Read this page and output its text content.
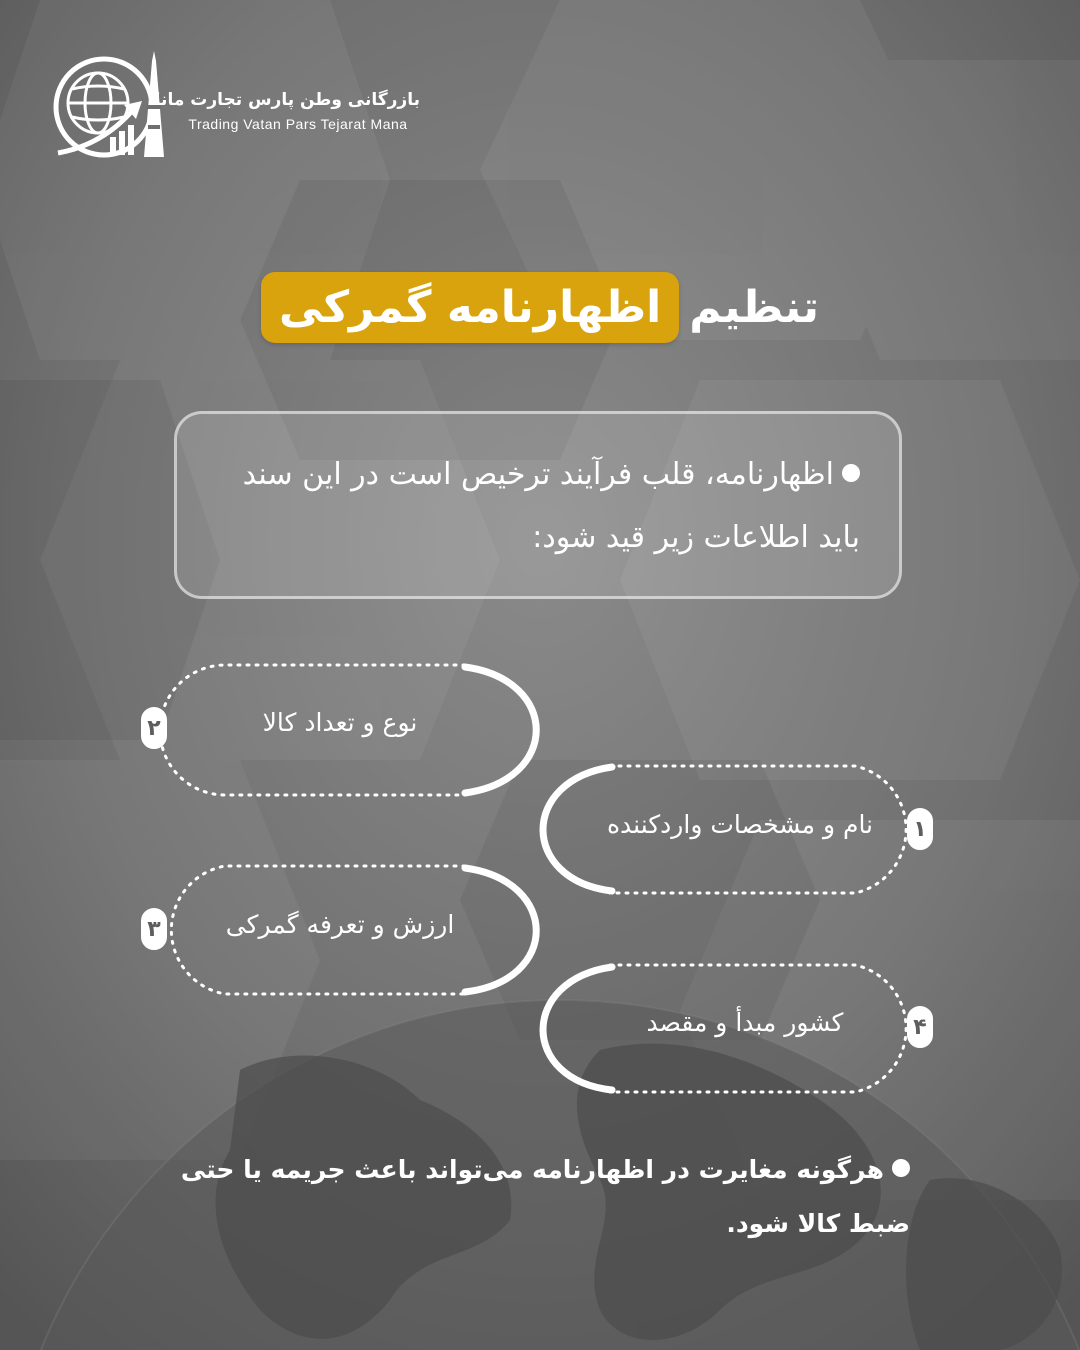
بازرگانی وطن پارس تجارت مانا
Trading Vatan Pars Tejarat Mana
تنظیم
اظهارنامه گمرکی
اظهارنامه، قلب فرآیند ترخیص است در این سند باید اطلاعات زیر قید شود:
نوع و تعداد کالا
۲
نام و مشخصات واردکننده	۱
ارزش و تعرفه گمرکی
۳
کشور مبدأ و مقصد	۴
هرگونه مغایرت در اظهارنامه می‌تواند باعث جریمه یا حتی ضبط کالا شود.
